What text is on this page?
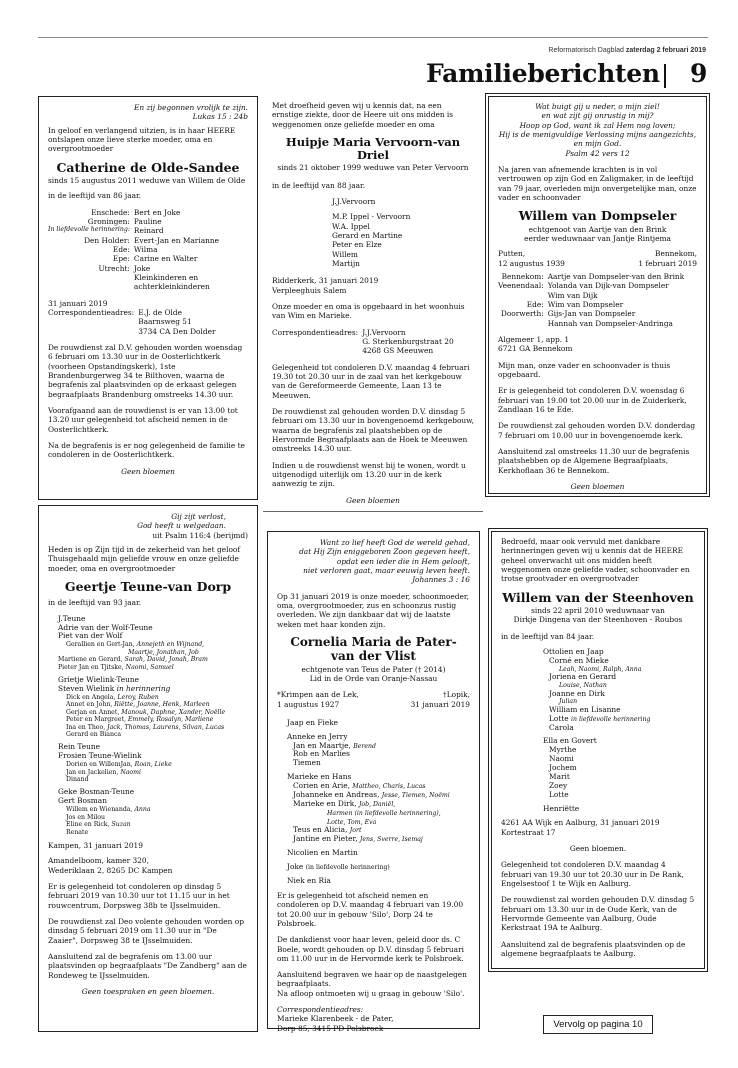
Reformatorisch Dagblad zaterdag 2 februari 2019
Familieberichten 9
En zij begonnen vrolijk te zijn.
Lukas 15 : 24b

In geloof en verlangend uitzien, is in haar HEERE ontslapen onze lieve sterke moeder, oma en overgrootmoeder

Catherine de Olde-Sandee
sinds 15 augustus 2011 weduwe van Willem de Olde

in de leeftijd van 86 jaar.

Enschede: Bert en Joke
Groningen: Pauline
In liefdevolle herinnering: Reinard
Den Holder: Evert-Jan en Marianne
Ede: Wilma
Epe: Carine en Walter
Utrecht: Joke
Kleinkinderen en achterkleinkinderen
31 januari 2019
Correspondentieadres: E.J. de Olde
Baarnsweg 51
3734 CA Den Dolder

De rouwdienst zal D.V. gehouden worden woensdag 6 februari om 13.30 uur in de Oosterlichtkerk (voorheen Opstandingskerk), 1ste Brandenburgerweg 34 te Bilthoven, waarna de begrafenis zal plaatsvinden op de erkaast gelegen begraafplaats Brandenburg omstreeks 14.30 uur.

Voorafgaand aan de rouwdienst is er van 13.00 tot 13.20 uur gelegenheid tot afscheid nemen in de Oosterlichtkerk.

Na de begrafenis is er nog gelegenheid de familie te condoleren in de Oosterlichtkerk.

Geen bloemen

Met droefheid geven wij u kennis dat, na een ernstige ziekte, door de Heere uit ons midden is weggenomen onze geliefde moeder en oma

Huipje Maria Vervoorn-van Driel
sinds 21 oktober 1999 weduwe van Peter Vervoorn

in de leeftijd van 88 jaar.

J.J.Vervoorn
M.P. Ippel - Vervoorn
W.A. Ippel
Gerard en Martine
Peter en Elze
Willem
Martijn
Ridderkerk, 31 januari 2019

Verpleeghuis Salem

Onze moeder en oma is opgebaard in het woonhuis van Wim en Marieke.

Correspondentieadres: J.J.Vervoorn
G. Sterkenburgstraat 20
4268 GS Meeuwen

Gelegenheid tot condoleren D.V. maandag 4 februari 19.30 tot 20.30 uur in de zaal van het kerkgebouw van de Gereformeerde Gemeente, Laan 13 te Meeuwen.

De rouwdienst zal gehouden worden D.V. dinsdag 5 februari om 13.30 uur in bovengenoemd kerkgebouw, waarna de begrafenis zal plaatshebben op de Hervormde Begraafplaats aan de Hoek te Meeuwen omstreeks 14.30 uur.

Indien u de rouwdienst wenst bij te wonen, wordt u uitgenodigd uiterlijk om 13.20 uur in de kerk aanwezig te zijn.

Geen bloemen
Wat buigt gij u neder, o mijn ziel!
en wat zijt gij onrustig in mij?
Hoop op God, want ik zal Hem nog loven;
Hij is de menigvuldige Verlossing mijns aangezichts,
en mijn God.
Psalm 42 vers 12

Na jaren van afnemende krachten is in vol vertrouwen op zijn God en Zaligmaker, in de leeftijd van 79 jaar, overleden mijn onvergetelijke man, onze vader en schoonvader

Willem van Dompseler
echtgenoot van Aartje van den Brink
eerder weduwnaar van Jantje Rintjema
Putten,
12 augustus 1939
Bennekom,
1 februari 2019
Bennekom: Aartje van Dompseler-van den Brink
Veenendaal: Yolanda van Dijk-van Dompseler
Wim van Dijk
Ede: Wim van Dompseler
Doorwerth: Gijs-Jan van Dompseler
Hannah van Dompseler-Andringa
Algemeer 1, app. 1

6721 GA Bennekom

Mijn man, onze vader en schoonvader is thuis opgebaard.

Er is gelegenheid tot condoleren D.V. woensdag 6 februari van 19.00 tot 20.00 uur in de Zuiderkerk, Zandlaan 16 te Ede.

De rouwdienst zal gehouden worden D.V. donderdag 7 februari om 10.00 uur in bovengenoemde kerk.

Aansluitend zal omstreeks 11.30 uur de begrafenis plaatshebben op de Algemene Begraafplaats, Kerkhoflaan 36 te Bennekom.

Geen bloemen
Gij zijt verlost,
God heeft u welgedaan.
uit Psalm 116:4 (berijmd)

Heden is op Zijn tijd in de zekerheid van het geloof Thuisgehaald mijn geliefde vrouw en onze geliefde moeder, oma en overgrootmoeder

Geertje Teune-van Dorp

in de leeftijd van 93 jaar.

J.Teune
Adrie van der Wolf-Teune
Piet van der Wolf
Gerallien en Gert-Jan, Annejeth en Wijnand,
Maartje, Jonathan, Job
Martiene en Gerard, Sarah, David, Jonah, Bram
Pieter Jan en Tjitske, Naomi, Samuel
Grietje Wielink-Teune
Steven Wielink in herinnering
Dick en Angela, Leroy, Ruben
Annet en John, Riëtte, Joanne, Henk, Marleen
Gerjan en Annet, Manouk, Daphne, Xander, Noëlle
Peter en Margreet, Emmely, Rosalyn, Marliene
Ina en Theo, Jack, Thomas, Laurens, Silvan, Lucas
Gerard en Bianca
Rein Teune
Frosien Teune-Wielink
Dorien en WillemJan, Roan, Lieke
Jan en Jackelien, Naomi
Dinand
Geke Bosman-Teune
Gert Bosman
Willem en Wienanda, Anna
Jos en Milou
Eline en Rick, Suzan
Renate
Kampen, 31 januari 2019
Amandelboom, kamer 320,

Wederiklaan 2, 8265 DC Kampen

Er is gelegenheid tot condoleren op dinsdag 5 februari 2019 van 10.30 uur tot 11.15 uur in het rouwcentrum, Dorpsweg 38b te IJsselmuiden.

De rouwdienst zal Deo volente gehouden worden op dinsdag 5 februari 2019 om 11.30 uur in "De Zaaier", Dorpsweg 38 te IJsselmuiden.

Aansluitend zal de begrafenis om 13.00 uur plaatsvinden op begraafplaats "De Zandberg" aan de Rondeweg te IJsselmuiden.

Geen toespraken en geen bloemen.
Want zo lief heeft God de wereld gehad,
dat Hij Zijn eniggeboren Zoon gegeven heeft,
opdat een ieder die in Hem gelooft,
niet verloren gaat, maar eeuwig leven heeft.
Johannes 3 : 16

Op 31 januari 2019 is onze moeder, schoonmoeder, oma, overgrootmoeder, zus en schoonzus rustig overleden. We zijn dankbaar dat wij de laatste weken met haar konden zijn.

Cornelia Maria de Pater-
van der Vlist
echtgenote van Teus de Pater († 2014)
Lid in de Orde van Oranje-Nassau
*Krimpen aan de Lek,
1 augustus 1927
†Lopik,
31 januari 2019
Jaap en Fieke
Anneke en Jerry
Jan en Maartje, Berend
Rob en Marlies
Tiemen
Marieke en Hans
Corien en Arie, Mattheo, Charis, Lucas
Johanneke en Andreas, Jesse, Tiemen, Noëmi
Marieke en Dirk, Job, Daniël,
Harmen (in liefdevolle herinnering),
Lotte, Tom, Eva
Teus en Alicia, Jort
Jantine en Pieter, Jens, Sverre, Isemaj
Nicolien en Martin
Joke (in liefdevolle herinnering)
Niek en Ria

Er is gelegenheid tot afscheid nemen en condoleren op D.V. maandag 4 februari van 19.00 tot 20.00 uur in gebouw 'Silo', Dorp 24 te Polsbroek.

De dankdienst voor haar leven, geleid door ds. C Boele, wordt gehouden op D.V. dinsdag 5 februari om 11.00 uur in de Hervormde kerk te Polsbroek.

Aansluitend begraven we haar op de naastgelegen begraafplaats.

Na afloop ontmoeten wij u graag in gebouw 'Silo'.

Correspondentieadres:
Marieke Klarenbeek - de Pater,
Dorp 85, 3415 PD Polsbroek

Bedroefd, maar ook vervuld met dankbare herinneringen geven wij u kennis dat de HEERE geheel onverwacht uit ons midden heeft weggenomen onze geliefde vader, schoonvader en trotse grootvader en overgrootvader

Willem van der Steenhoven
sinds 22 april 2010 weduwnaar van
Dirkje Dingena van der Steenhoven - Roubos

in de leeftijd van 84 jaar.

Ottolien en Jaap
Corné en Mieke
Leah, Naomi, Ralph, Anna
Joriena en Gerard
Louise, Nathan
Joanne en Dirk
Julian
William en Lisanne
Lotte in liefdevolle herinnering
Carola
Ella en Govert
Myrthe
Naomi
Jochem
Marit
Zoey
Lotte
Henriëtte
4261 AA Wijk en Aalburg, 31 januari 2019

Kortestraat 17

Geen bloemen.

Gelegenheid tot condoleren D.V. maandag 4 februari van 19.30 uur tot 20.30 uur in De Rank, Engelsestoof 1 te Wijk en Aalburg.

De rouwdienst zal worden gehouden D.V. dinsdag 5 februari om 13.30 uur in de Oude Kerk, van de Hervormde Gemeente van Aalburg, Oude Kerkstraat 19A te Aalburg.

Aansluitend zal de begrafenis plaatsvinden op de algemene begraafplaats te Aalburg.

Vervolg op pagina 10
